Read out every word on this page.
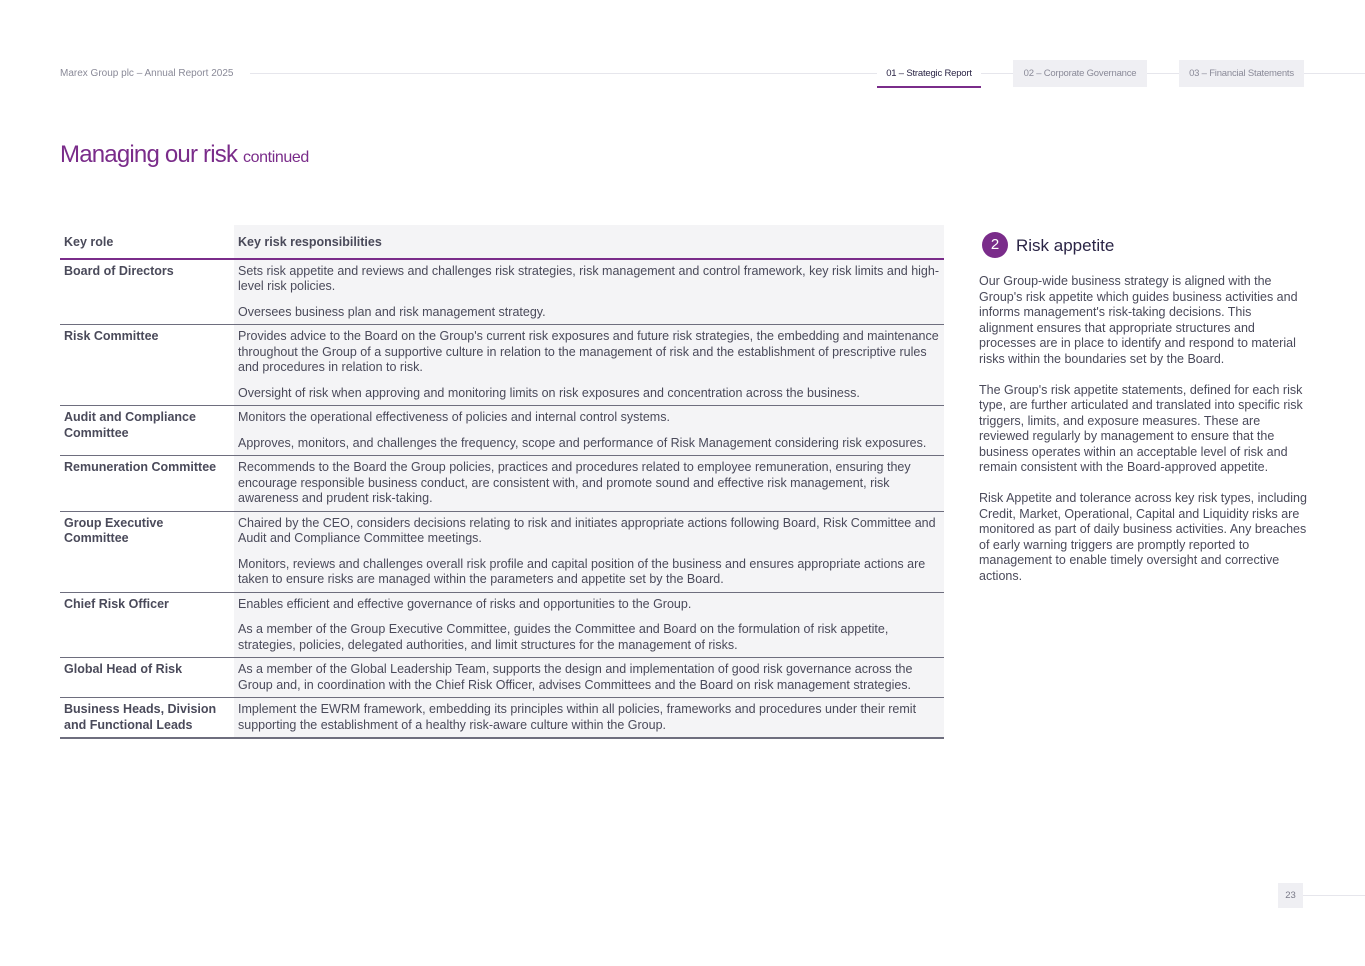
Marex Group plc – Annual Report 2025	01 – Strategic Report	02 – Corporate Governance	03 – Financial Statements
Managing our risk continued
Key role	Key risk responsibilities
Board of Directors	Sets risk appetite and reviews and challenges risk strategies, risk management and control framework, key risk limits and high-level risk policies.

Oversees business plan and risk management strategy.

Risk Committee	Provides advice to the Board on the Group's current risk exposures and future risk strategies, the embedding and maintenance throughout the Group of a supportive culture in relation to the management of risk and the establishment of prescriptive rules and procedures in relation to risk.

Oversight of risk when approving and monitoring limits on risk exposures and concentration across the business.

Audit and Compliance Committee	Monitors the operational effectiveness of policies and internal control systems.

Approves, monitors, and challenges the frequency, scope and performance of Risk Management considering risk exposures.

Remuneration Committee	Recommends to the Board the Group policies, practices and procedures related to employee remuneration, ensuring they encourage responsible business conduct, are consistent with, and promote sound and effective risk management, risk awareness and prudent risk-taking.

Group Executive Committee	Chaired by the CEO, considers decisions relating to risk and initiates appropriate actions following Board, Risk Committee and Audit and Compliance Committee meetings.

Monitors, reviews and challenges overall risk profile and capital position of the business and ensures appropriate actions are taken to ensure risks are managed within the parameters and appetite set by the Board.

Chief Risk Officer	Enables efficient and effective governance of risks and opportunities to the Group.

As a member of the Group Executive Committee, guides the Committee and Board on the formulation of risk appetite, strategies, policies, delegated authorities, and limit structures for the management of risks.

Global Head of Risk	As a member of the Global Leadership Team, supports the design and implementation of good risk governance across the Group and, in coordination with the Chief Risk Officer, advises Committees and the Board on risk management strategies.

Business Heads, Division and Functional Leads	Implement the EWRM framework, embedding its principles within all policies, frameworks and procedures under their remit supporting the establishment of a healthy risk-aware culture within the Group.

2 Risk appetite

Our Group-wide business strategy is aligned with the Group's risk appetite which guides business activities and informs management's risk-taking decisions. This alignment ensures that appropriate structures and processes are in place to identify and respond to material risks within the boundaries set by the Board.

The Group's risk appetite statements, defined for each risk type, are further articulated and translated into specific risk triggers, limits, and exposure measures. These are reviewed regularly by management to ensure that the business operates within an acceptable level of risk and remain consistent with the Board-approved appetite.

Risk Appetite and tolerance across key risk types, including Credit, Market, Operational, Capital and Liquidity risks are monitored as part of daily business activities. Any breaches of early warning triggers are promptly reported to management to enable timely oversight and corrective actions.

23
